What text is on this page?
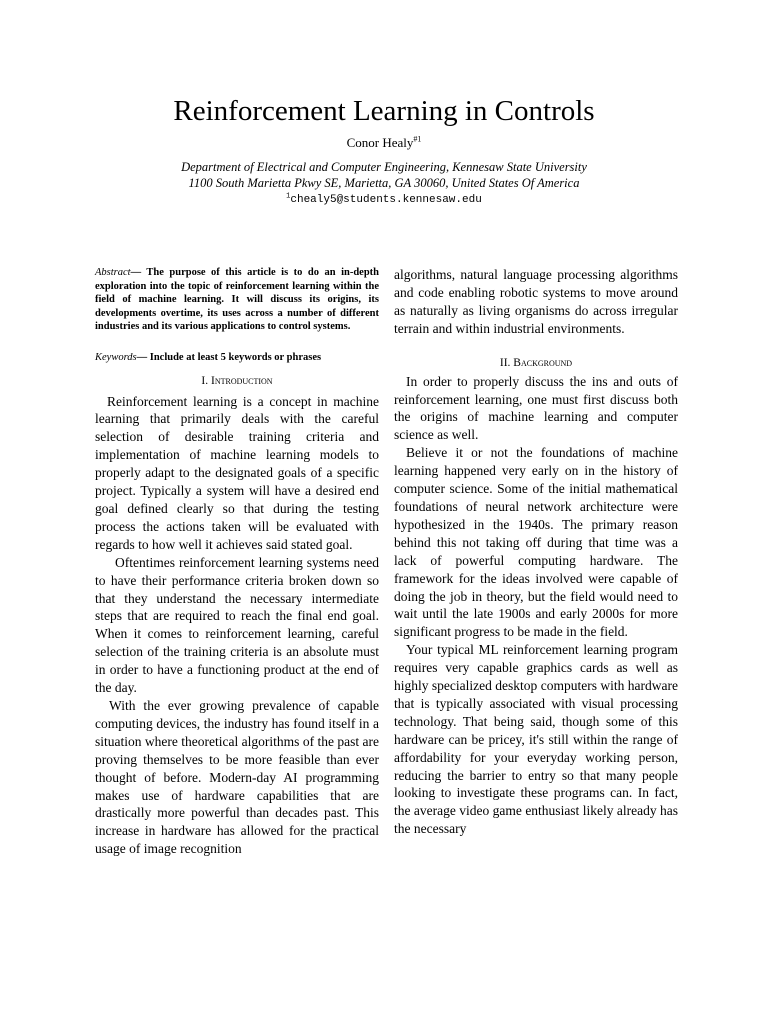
Reinforcement Learning in Controls
Conor Healy$^{\#1}$
Department of Electrical and Computer Engineering, Kennesaw State University
1100 South Marietta Pkwy SE, Marietta, GA 30060, United States Of America
$^1$chealy5@students.kennesaw.edu

Abstract— The purpose of this article is to do an in-depth exploration into the topic of reinforcement learning within the field of machine learning. It will discuss its origins, its developments overtime, its uses across a number of different industries and its various applications to control systems.

Keywords— Include at least 5 keywords or phrases

I. Introduction

Reinforcement learning is a concept in machine learning that primarily deals with the careful selection of desirable training criteria and implementation of machine learning models to properly adapt to the designated goals of a specific project. Typically a system will have a desired end goal defined clearly so that during the testing process the actions taken will be evaluated with regards to how well it achieves said stated goal.

Oftentimes reinforcement learning systems need to have their performance criteria broken down so that they understand the necessary intermediate steps that are required to reach the final end goal. When it comes to reinforcement learning, careful selection of the training criteria is an absolute must in order to have a functioning product at the end of the day.

With the ever growing prevalence of capable computing devices, the industry has found itself in a situation where theoretical algorithms of the past are proving themselves to be more feasible than ever thought of before. Modern-day AI programming makes use of hardware capabilities that are drastically more powerful than decades past. This increase in hardware has allowed for the practical usage of image recognition

algorithms, natural language processing algorithms and code enabling robotic systems to move around as naturally as living organisms do across irregular terrain and within industrial environments.

II. Background

In order to properly discuss the ins and outs of reinforcement learning, one must first discuss both the origins of machine learning and computer science as well.

Believe it or not the foundations of machine learning happened very early on in the history of computer science. Some of the initial mathematical foundations of neural network architecture were hypothesized in the 1940s. The primary reason behind this not taking off during that time was a lack of powerful computing hardware. The framework for the ideas involved were capable of doing the job in theory, but the field would need to wait until the late 1900s and early 2000s for more significant progress to be made in the field.

Your typical ML reinforcement learning program requires very capable graphics cards as well as highly specialized desktop computers with hardware that is typically associated with visual processing technology. That being said, though some of this hardware can be pricey, it's still within the range of affordability for your everyday working person, reducing the barrier to entry so that many people looking to investigate these programs can. In fact, the average video game enthusiast likely already has the necessary
